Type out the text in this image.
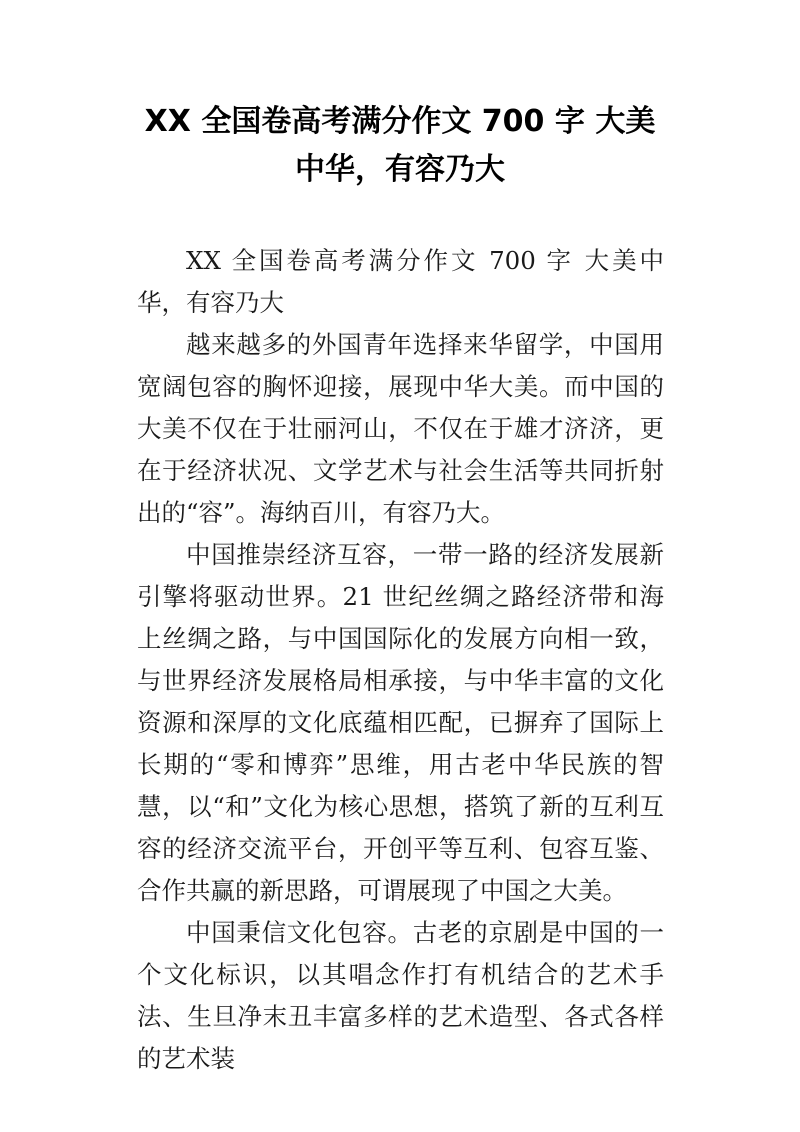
XX 全国卷高考满分作文 700 字 大美
中华，有容乃大

XX 全国卷高考满分作文 700 字 大美中华，有容乃大

越来越多的外国青年选择来华留学，中国用宽阔包容的胸怀迎接，展现中华大美。而中国的大美不仅在于壮丽河山，不仅在于雄才济济，更在于经济状况、文学艺术与社会生活等共同折射出的“容”。海纳百川，有容乃大。

中国推崇经济互容，一带一路的经济发展新引擎将驱动世界。21 世纪丝绸之路经济带和海上丝绸之路，与中国国际化的发展方向相一致，与世界经济发展格局相承接，与中华丰富的文化资源和深厚的文化底蕴相匹配，已摒弃了国际上长期的“零和博弈”思维，用古老中华民族的智慧，以“和”文化为核心思想，搭筑了新的互利互容的经济交流平台，开创平等互利、包容互鉴、合作共赢的新思路，可谓展现了中国之大美。

中国秉信文化包容。古老的京剧是中国的一个文化标识，以其唱念作打有机结合的艺术手法、生旦净末丑丰富多样的艺术造型、各式各样的艺术装
